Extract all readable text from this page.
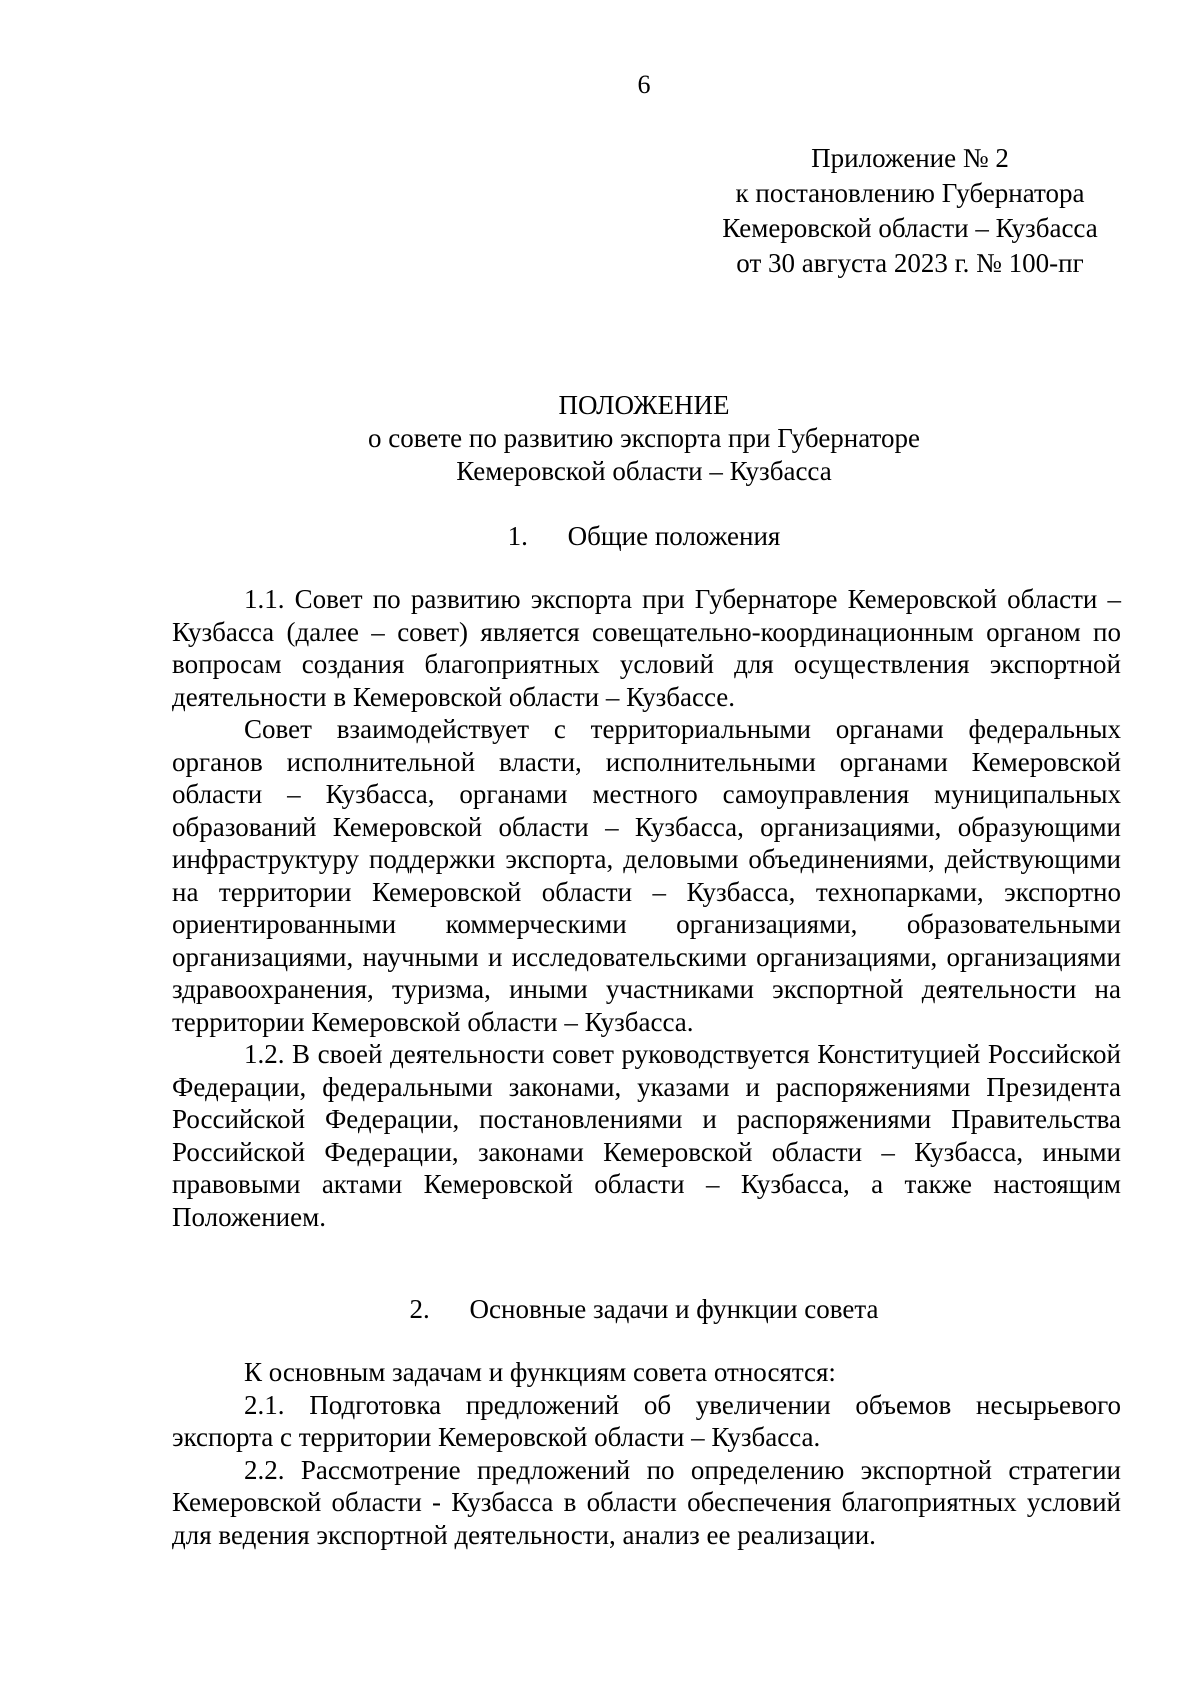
6
Приложение № 2
к постановлению Губернатора
Кемеровской области – Кузбасса
от 30 августа 2023 г. № 100-пг
ПОЛОЖЕНИЕ
о совете по развитию экспорта при Губернаторе
Кемеровской области – Кузбасса
1. Общие положения

1.1. Совет по развитию экспорта при Губернаторе Кемеровской области – Кузбасса (далее – совет) является совещательно-координационным органом по вопросам создания благоприятных условий для осуществления экспортной деятельности в Кемеровской области – Кузбассе.

Совет взаимодействует с территориальными органами федеральных органов исполнительной власти, исполнительными органами Кемеровской области – Кузбасса, органами местного самоуправления муниципальных образований Кемеровской области – Кузбасса, организациями, образующими инфраструктуру поддержки экспорта, деловыми объединениями, действующими на территории Кемеровской области – Кузбасса, технопарками, экспортно ориентированными коммерческими организациями, образовательными организациями, научными и исследовательскими организациями, организациями здравоохранения, туризма, иными участниками экспортной деятельности на территории Кемеровской области – Кузбасса.

1.2. В своей деятельности совет руководствуется Конституцией Российской Федерации, федеральными законами, указами и распоряжениями Президента Российской Федерации, постановлениями и распоряжениями Правительства Российской Федерации, законами Кемеровской области – Кузбасса, иными правовыми актами Кемеровской области – Кузбасса, а также настоящим Положением.

2. Основные задачи и функции совета

К основным задачам и функциям совета относятся:

2.1. Подготовка предложений об увеличении объемов несырьевого экспорта с территории Кемеровской области – Кузбасса.

2.2. Рассмотрение предложений по определению экспортной стратегии Кемеровской области - Кузбасса в области обеспечения благоприятных условий для ведения экспортной деятельности, анализ ее реализации.
